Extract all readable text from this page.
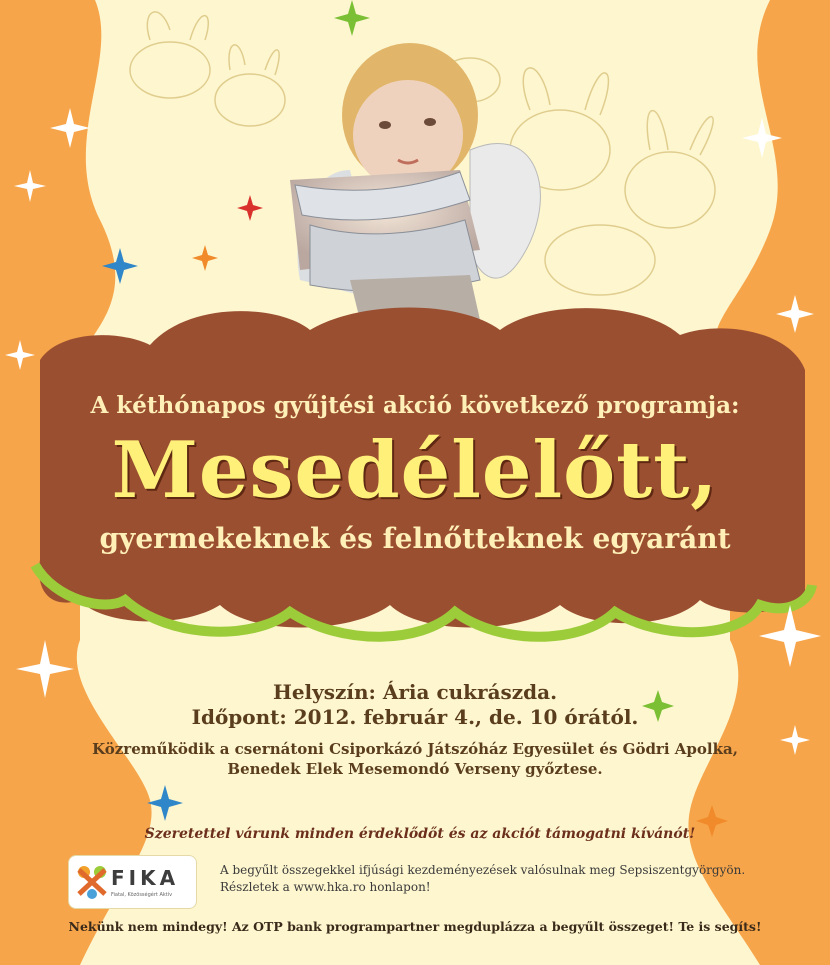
A kéthónapos gyűjtési akció következő programja:
Mesedélelőtt,
gyermekeknek és felnőtteknek egyaránt
Helyszín: Ária cukrászda.
Időpont: 2012. február 4., de. 10 órától.
Közreműködik a csernátoni Csiporkázó Játszóház Egyesület és Gödri Apolka,
Benedek Elek Mesemondó Verseny győztese.
Szeretettel várunk minden érdeklődőt és az akciót támogatni kívánót!
FIKA
Fiatal, Közösségért Aktív
A begyűlt összegekkel ifjúsági kezdeményezések valósulnak meg Sepsiszentgyörgyön.
Részletek a www.hka.ro honlapon!
Nekünk nem mindegy! Az OTP bank programpartner megduplázza a begyűlt összeget! Te is segíts!
